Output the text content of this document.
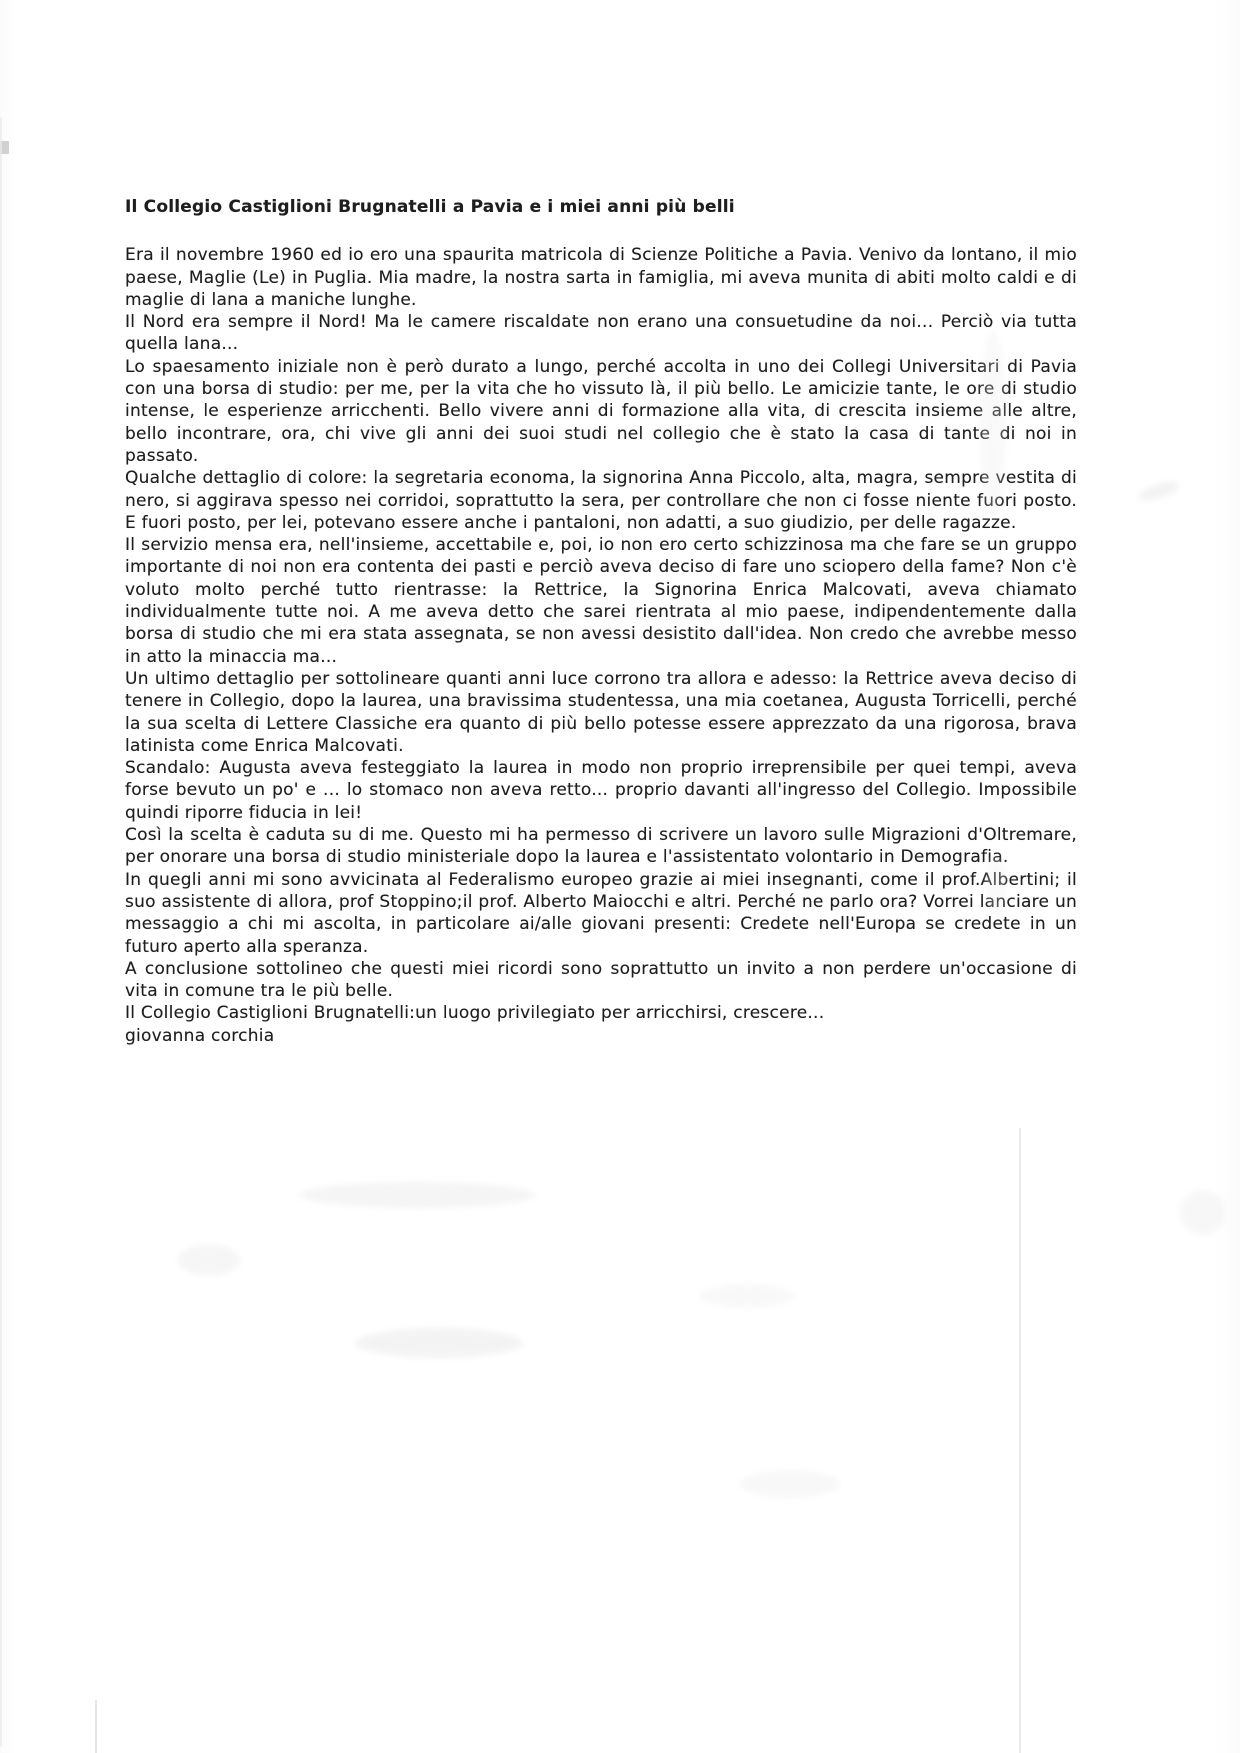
Il Collegio Castiglioni Brugnatelli a Pavia e i miei anni più belli

Era il novembre 1960 ed io ero una spaurita matricola di Scienze Politiche a Pavia. Venivo da lontano, il mio paese, Maglie (Le) in Puglia. Mia madre, la nostra sarta in famiglia, mi aveva munita di abiti molto caldi e di maglie di lana a maniche lunghe.

Il Nord era sempre il Nord! Ma le camere riscaldate non erano una consuetudine da noi... Perciò via tutta quella lana...

Lo spaesamento iniziale non è però durato a lungo, perché accolta in uno dei Collegi Universitari di Pavia con una borsa di studio: per me, per la vita che ho vissuto là, il più bello. Le amicizie tante, le ore di studio intense, le esperienze arricchenti. Bello vivere anni di formazione alla vita, di crescita insieme alle altre, bello incontrare, ora, chi vive gli anni dei suoi studi nel collegio che è stato la casa di tante di noi in passato.

Qualche dettaglio di colore: la segretaria economa, la signorina Anna Piccolo, alta, magra, sempre vestita di nero, si aggirava spesso nei corridoi, soprattutto la sera, per controllare che non ci fosse niente fuori posto. E fuori posto, per lei, potevano essere anche i pantaloni, non adatti, a suo giudizio, per delle ragazze.

Il servizio mensa era, nell'insieme, accettabile e, poi, io non ero certo schizzinosa ma che fare se un gruppo importante di noi non era contenta dei pasti e perciò aveva deciso di fare uno sciopero della fame? Non c'è voluto molto perché tutto rientrasse: la Rettrice, la Signorina Enrica Malcovati, aveva chiamato individualmente tutte noi. A me aveva detto che sarei rientrata al mio paese, indipendentemente dalla borsa di studio che mi era stata assegnata, se non avessi desistito dall'idea. Non credo che avrebbe messo in atto la minaccia ma...

Un ultimo dettaglio per sottolineare quanti anni luce corrono tra allora e adesso: la Rettrice aveva deciso di tenere in Collegio, dopo la laurea, una bravissima studentessa, una mia coetanea, Augusta Torricelli, perché la sua scelta di Lettere Classiche era quanto di più bello potesse essere apprezzato da una rigorosa, brava latinista come Enrica Malcovati.

Scandalo: Augusta aveva festeggiato la laurea in modo non proprio irreprensibile per quei tempi, aveva forse bevuto un po' e ... lo stomaco non aveva retto... proprio davanti all'ingresso del Collegio. Impossibile quindi riporre fiducia in lei!

Così la scelta è caduta su di me. Questo mi ha permesso di scrivere un lavoro sulle Migrazioni d'Oltremare, per onorare una borsa di studio ministeriale dopo la laurea e l'assistentato volontario in Demografia.

In quegli anni mi sono avvicinata al Federalismo europeo grazie ai miei insegnanti, come il prof.Albertini; il suo assistente di allora, prof Stoppino;il prof. Alberto Maiocchi e altri. Perché ne parlo ora? Vorrei lanciare un messaggio a chi mi ascolta, in particolare ai/alle giovani presenti: Credete nell'Europa se credete in un futuro aperto alla speranza.

A conclusione sottolineo che questi miei ricordi sono soprattutto un invito a non perdere un'occasione di vita in comune tra le più belle.

Il Collegio Castiglioni Brugnatelli:un luogo privilegiato per arricchirsi, crescere...

giovanna corchia
